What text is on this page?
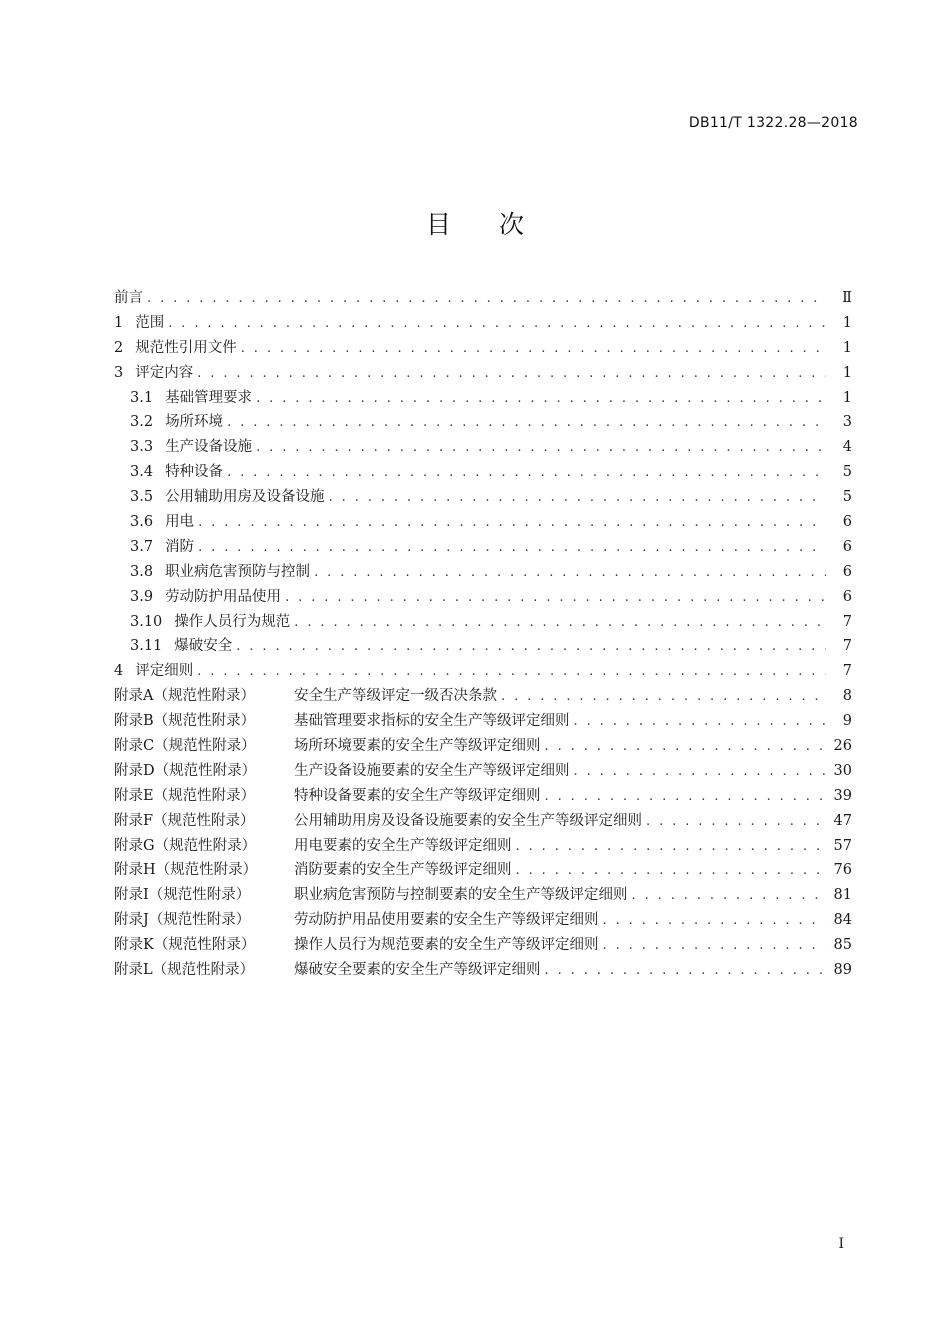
DB11/T 1322.28—2018
目次
前言 . . .	Ⅱ
1 范围 . . .	1
2 规范性引用文件 . . .	1
3 评定内容 . . .	1
3.1 基础管理要求 . . .	1
3.2 场所环境 . . .	3
3.3 生产设备设施 . . .	4
3.4 特种设备 . . .	5
3.5 公用辅助用房及设备设施 . . .	5
3.6 用电 . . .	6
3.7 消防 . . .	6
3.8 职业病危害预防与控制 . . .	6
3.9 劳动防护用品使用 . . .	6
3.10 操作人员行为规范 . . .	7
3.11 爆破安全 . . .	7
4 评定细则 . . .	7
附录A（规范性附录）	安全生产等级评定一级否决条款 . . .	8
附录B（规范性附录）	基础管理要求指标的安全生产等级评定细则 . . .	9
附录C（规范性附录）	场所环境要素的安全生产等级评定细则 . . .	26
附录D（规范性附录）	生产设备设施要素的安全生产等级评定细则 . . .	30
附录E（规范性附录）	特种设备要素的安全生产等级评定细则 . . .	39
附录F（规范性附录）	公用辅助用房及设备设施要素的安全生产等级评定细则 . . .	47
附录G（规范性附录）	用电要素的安全生产等级评定细则 . . .	57
附录H（规范性附录）	消防要素的安全生产等级评定细则 . . .	76
附录I（规范性附录）	职业病危害预防与控制要素的安全生产等级评定细则 . . .	81
附录J（规范性附录）	劳动防护用品使用要素的安全生产等级评定细则 . . .	84
附录K（规范性附录）	操作人员行为规范要素的安全生产等级评定细则 . . .	85
附录L（规范性附录）	爆破安全要素的安全生产等级评定细则 . . .	89
I
